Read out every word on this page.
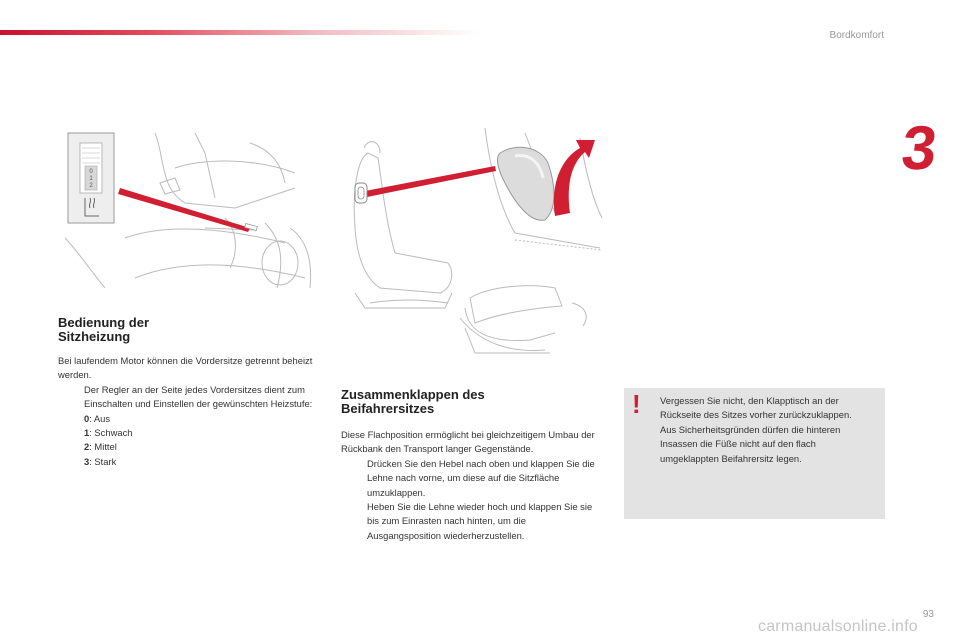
Bordkomfort
3
0
1
2
Bedienung der
Sitzheizung

Bei laufendem Motor können die Vordersitze getrennt beheizt werden.

Der Regler an der Seite jedes Vordersitzes dient zum Einschalten und Einstellen der gewünschten Heizstufe:

0: Aus

1: Schwach

2: Mittel

3: Stark

Zusammenklappen des
Beifahrersitzes

Diese Flachposition ermöglicht bei gleichzeitigem Umbau der Rückbank den Transport langer Gegenstände.

Drücken Sie den Hebel nach oben und klappen Sie die Lehne nach vorne, um diese auf die Sitzfläche umzuklappen.

Heben Sie die Lehne wieder hoch und klappen Sie sie bis zum Einrasten nach hinten, um die Ausgangsposition wiederherzustellen.

! Vergessen Sie nicht, den Klapptisch an der Rückseite des Sitzes vorher zurückzuklappen.

Aus Sicherheitsgründen dürfen die hinteren Insassen die Füße nicht auf den flach umgeklappten Beifahrersitz legen.

93
carmanualsonline.info
